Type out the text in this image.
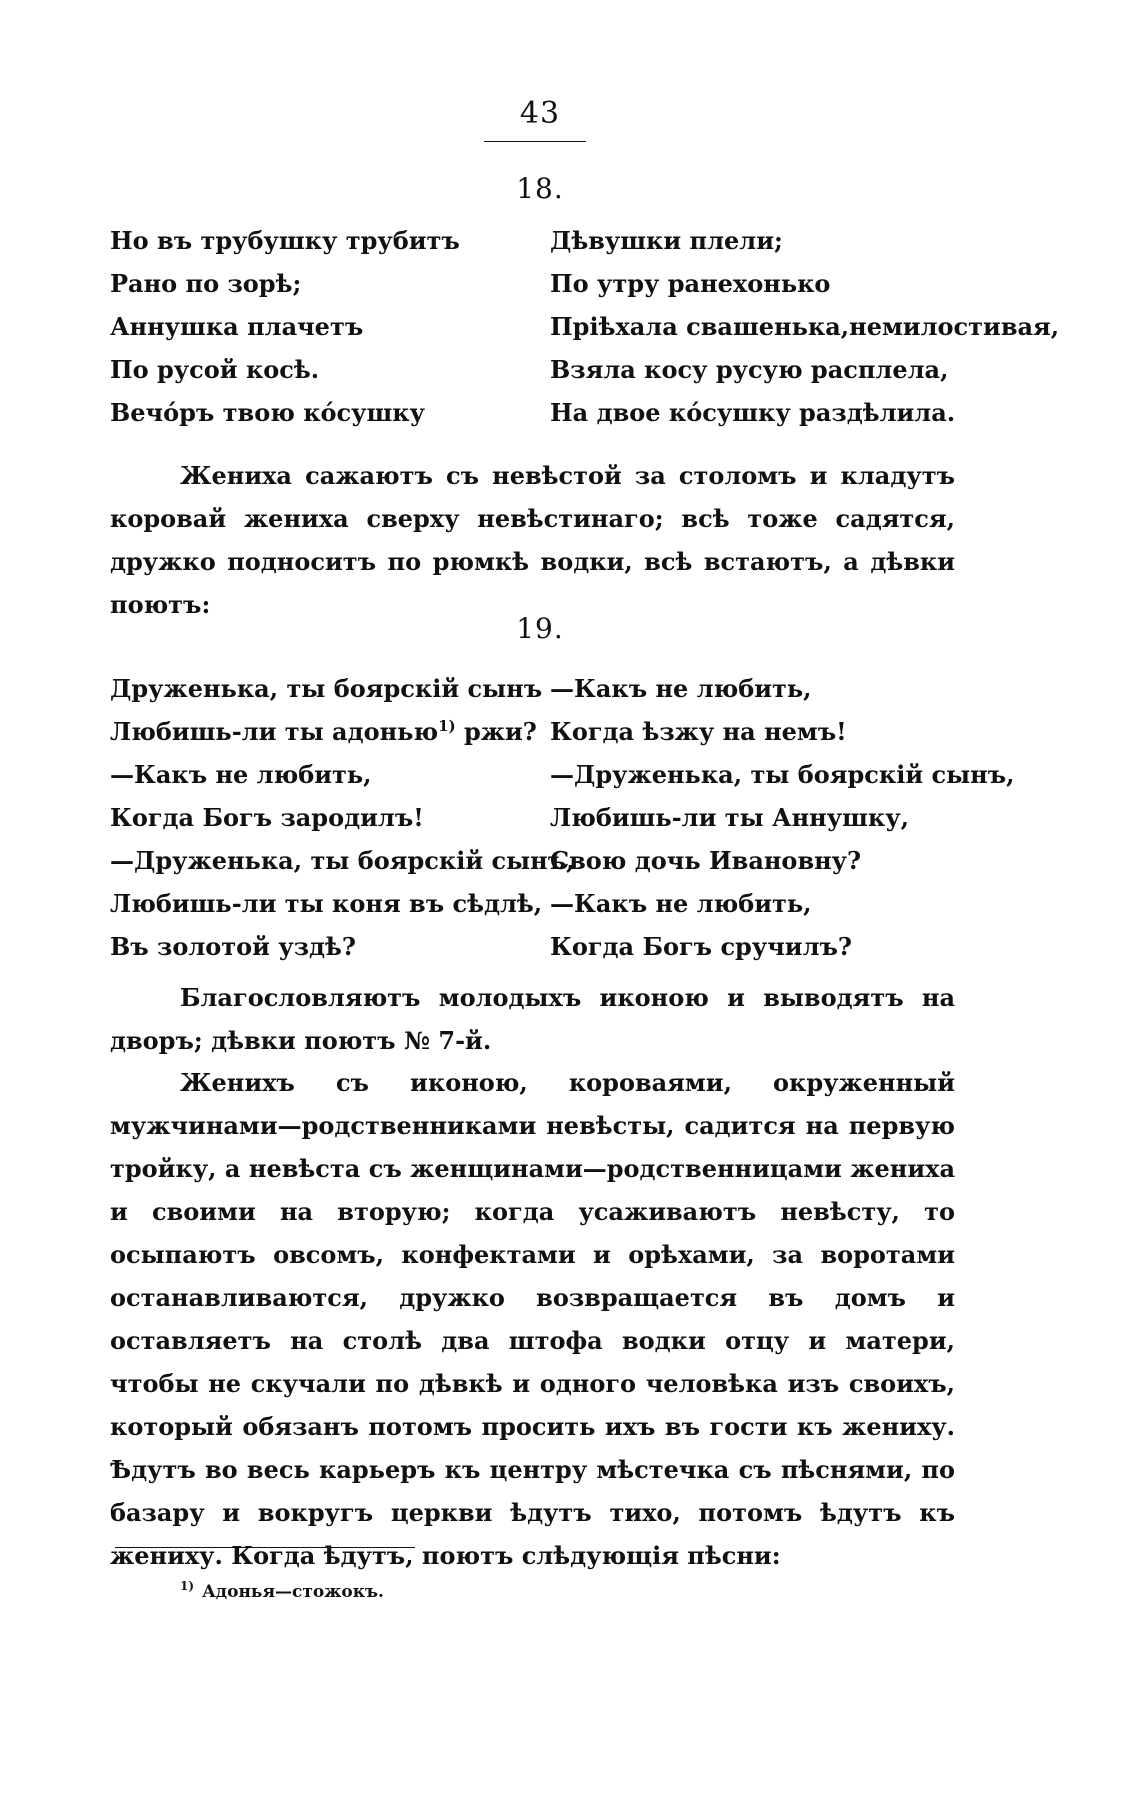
43
18.
Но въ трубушку трубитъ
Рано по зорѣ;
Аннушка плачетъ
По русой косѣ.
Вечо́ръ твою ко́сушку
Дѣвушки плели;
По утру ранехонько
Пріѣхала свашенька,немилостивая,
Взяла косу русую расплела,
На двое ко́сушку раздѣлила.

Жениха сажаютъ съ невѣстой за столомъ и кладутъ коровай жениха сверху невѣстинаго; всѣ тоже садятся, дружко подноситъ по рюмкѣ водки, всѣ встаютъ, а дѣвки поютъ:

19.
Друженька, ты боярскій сынъ
Любишь-ли ты адонью$^{1)}$ ржи?
—Какъ не любить,
Когда Богъ зародилъ!
—Друженька, ты боярскій сынъ,
Любишь-ли ты коня въ сѣдлѣ,
Въ золотой уздѣ?
—Какъ не любить,
Когда ѣзжу на немъ!
—Друженька, ты боярскій сынъ,
Любишь-ли ты Аннушку,
Свою дочь Ивановну?
—Какъ не любить,
Когда Богъ сручилъ?

Благословляютъ молодыхъ иконою и выводятъ на дворъ; дѣвки поютъ № 7-й.

Женихъ съ иконою, короваями, окруженный мужчинами—родственниками невѣсты, садится на первую тройку, а невѣста съ женщинами—родственницами жениха и своими на вторую; когда усаживаютъ невѣсту, то осыпаютъ овсомъ, конфектами и орѣхами, за воротами останавливаются, дружко возвращается въ домъ и оставляетъ на столѣ два штофа водки отцу и матери, чтобы не скучали по дѣвкѣ и одного человѣка изъ своихъ, который обязанъ потомъ просить ихъ въ гости къ жениху. Ѣдутъ во весь карьеръ къ центру мѣстечка съ пѣснями, по базару и вокругъ церкви ѣдутъ тихо, потомъ ѣдутъ къ жениху. Когда ѣдутъ, поютъ слѣдующія пѣсни:

$^{1)}$ Адонья—стожокъ.
